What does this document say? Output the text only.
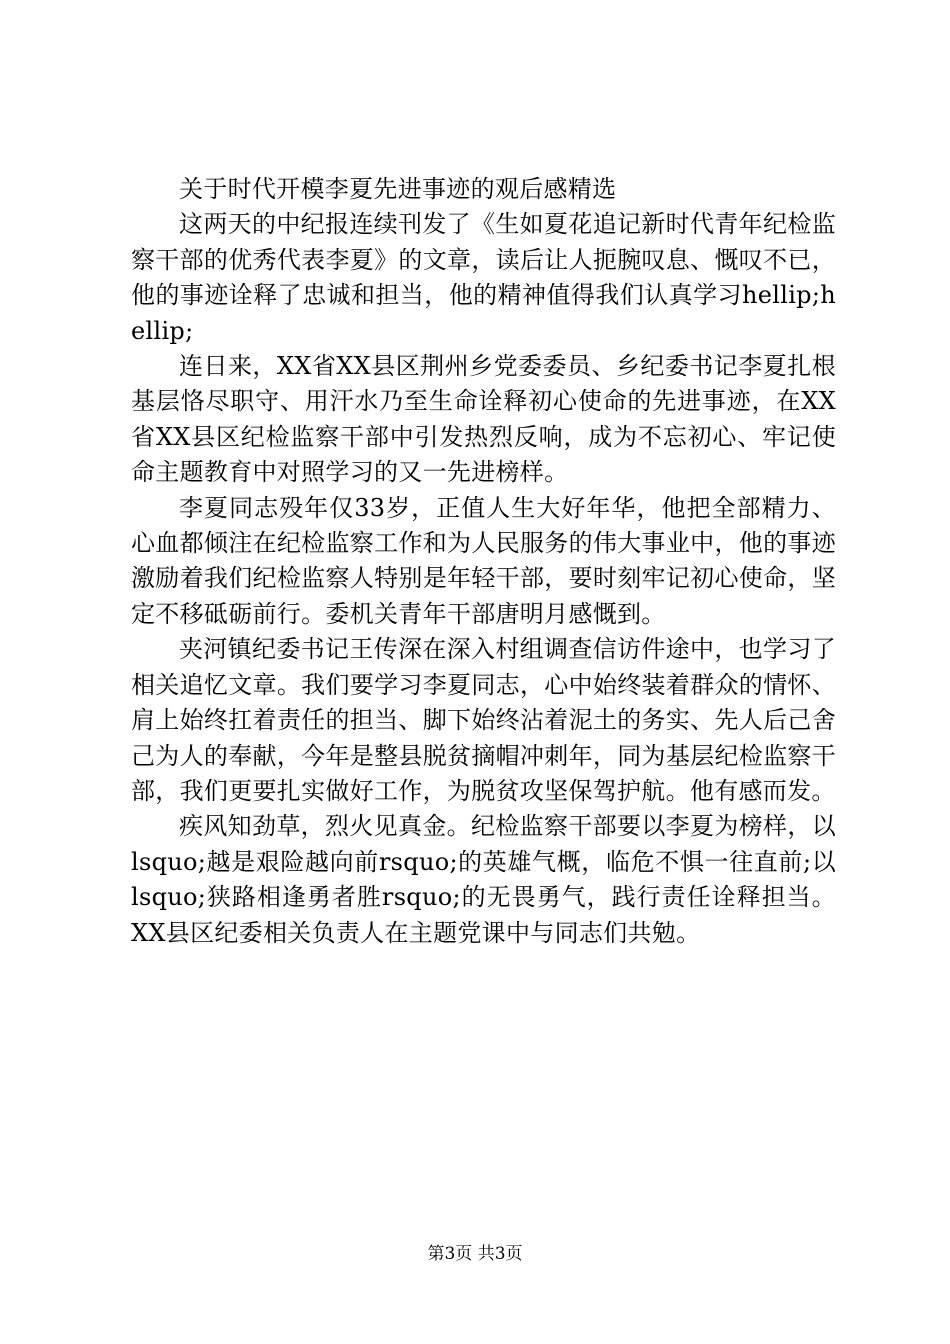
关于时代开模李夏先进事迹的观后感精选

这两天的中纪报连续刊发了《生如夏花追记新时代青年纪检监察干部的优秀代表李夏》的文章，读后让人扼腕叹息、慨叹不已，他的事迹诠释了忠诚和担当，他的精神值得我们认真学习hellip;hellip;

连日来，XX省XX县区荆州乡党委委员、乡纪委书记李夏扎根基层恪尽职守、用汗水乃至生命诠释初心使命的先进事迹，在XX省XX县区纪检监察干部中引发热烈反响，成为不忘初心、牢记使命主题教育中对照学习的又一先进榜样。

李夏同志殁年仅33岁，正值人生大好年华，他把全部精力、心血都倾注在纪检监察工作和为人民服务的伟大事业中，他的事迹激励着我们纪检监察人特别是年轻干部，要时刻牢记初心使命，坚定不移砥砺前行。委机关青年干部唐明月感慨到。

夹河镇纪委书记王传深在深入村组调查信访件途中，也学习了相关追忆文章。我们要学习李夏同志，心中始终装着群众的情怀、肩上始终扛着责任的担当、脚下始终沾着泥土的务实、先人后己舍己为人的奉献，今年是整县脱贫摘帽冲刺年，同为基层纪检监察干部，我们更要扎实做好工作，为脱贫攻坚保驾护航。他有感而发。

疾风知劲草，烈火见真金。纪检监察干部要以李夏为榜样，以lsquo;越是艰险越向前rsquo;的英雄气概，临危不惧一往直前;以lsquo;狭路相逢勇者胜rsquo;的无畏勇气，践行责任诠释担当。XX县区纪委相关负责人在主题党课中与同志们共勉。

第3页 共3页
